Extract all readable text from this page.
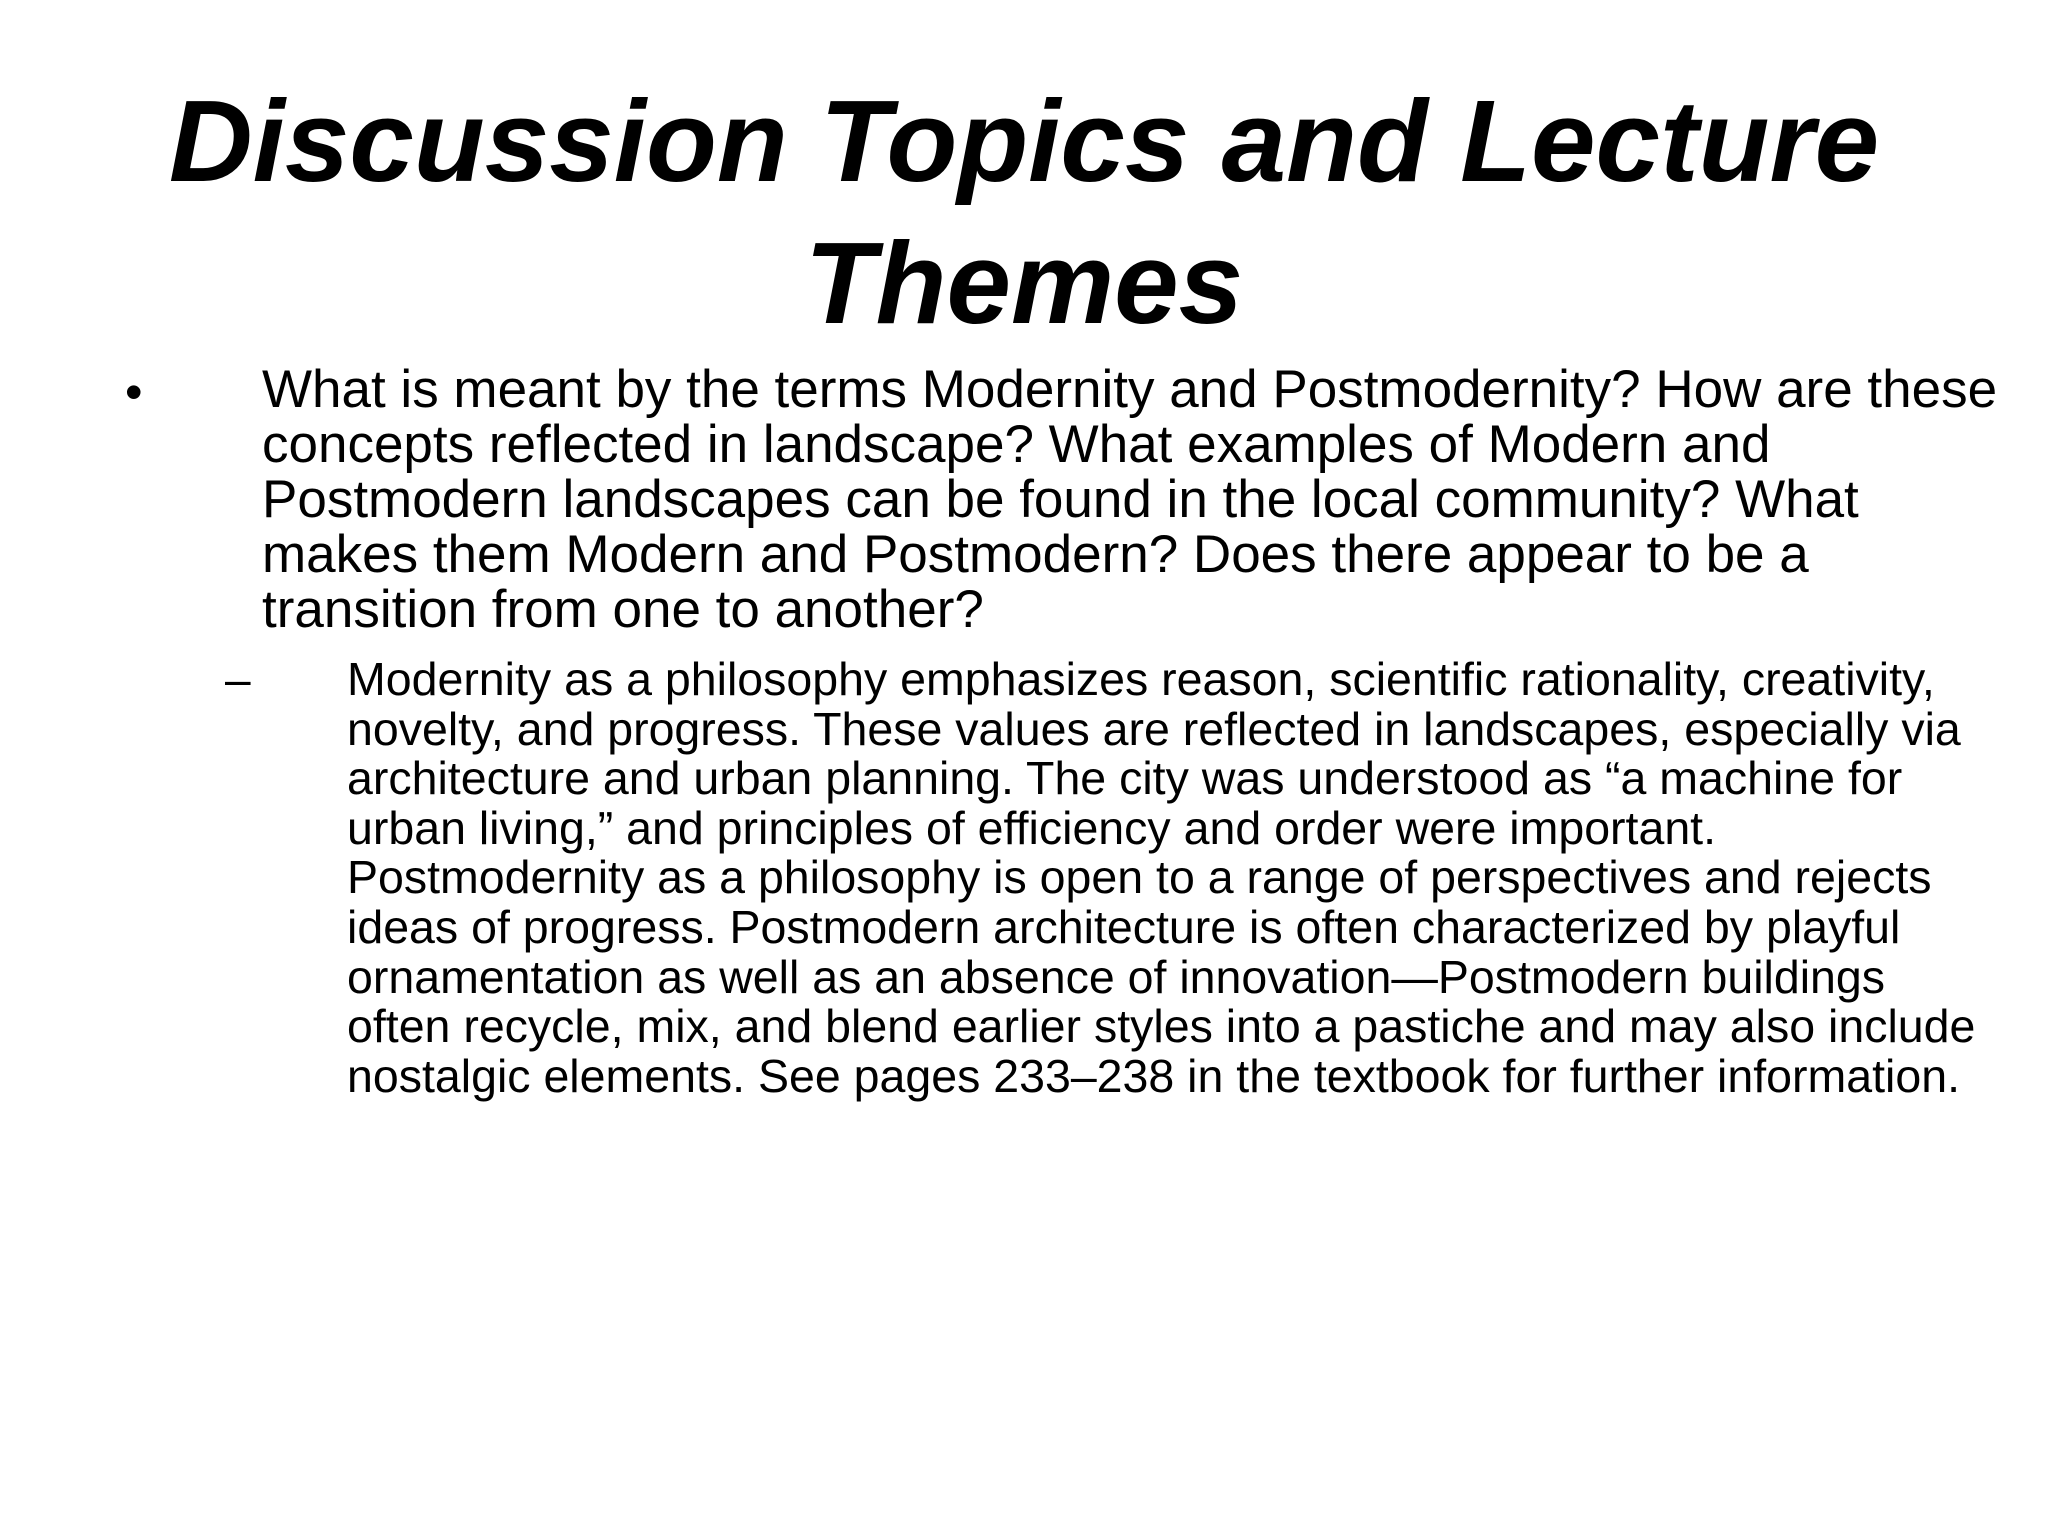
Discussion Topics and Lecture Themes
• What is meant by the terms Modernity and Postmodernity? How are these concepts reflected in landscape? What examples of Modern and Postmodern landscapes can be found in the local community? What makes them Modern and Postmodern? Does there appear to be a transition from one to another?
– Modernity as a philosophy emphasizes reason, scientific rationality, creativity, novelty, and progress. These values are reflected in landscapes, especially via architecture and urban planning. The city was understood as “a machine for urban living,” and principles of efficiency and order were important. Postmodernity as a philosophy is open to a range of perspectives and rejects ideas of progress. Postmodern architecture is often characterized by playful ornamentation as well as an absence of innovation—Postmodern buildings often recycle, mix, and blend earlier styles into a pastiche and may also include nostalgic elements. See pages 233–238 in the textbook for further information.
